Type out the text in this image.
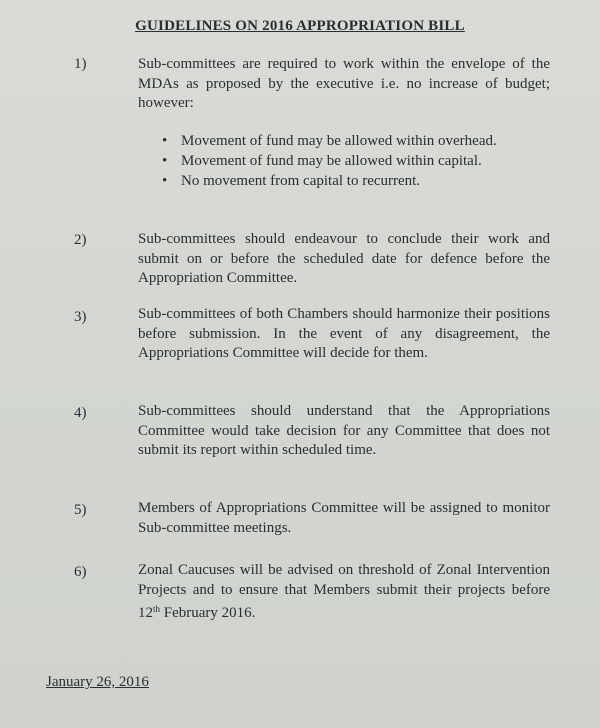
GUIDELINES ON 2016 APPROPRIATION BILL
1)	Sub-committees are required to work within the envelope of the MDAs as proposed by the executive i.e. no increase of budget; however:
• Movement of fund may be allowed within overhead.
• Movement of fund may be allowed within capital.
• No movement from capital to recurrent.
2)	Sub-committees should endeavour to conclude their work and submit on or before the scheduled date for defence before the Appropriation Committee.
3)	Sub-committees of both Chambers should harmonize their positions before submission. In the event of any disagreement, the Appropriations Committee will decide for them.
4)	Sub-committees should understand that the Appropriations Committee would take decision for any Committee that does not submit its report within scheduled time.
5)	Members of Appropriations Committee will be assigned to monitor Sub-committee meetings.
6)	Zonal Caucuses will be advised on threshold of Zonal Intervention Projects and to ensure that Members submit their projects before 12th February 2016.
January 26, 2016
